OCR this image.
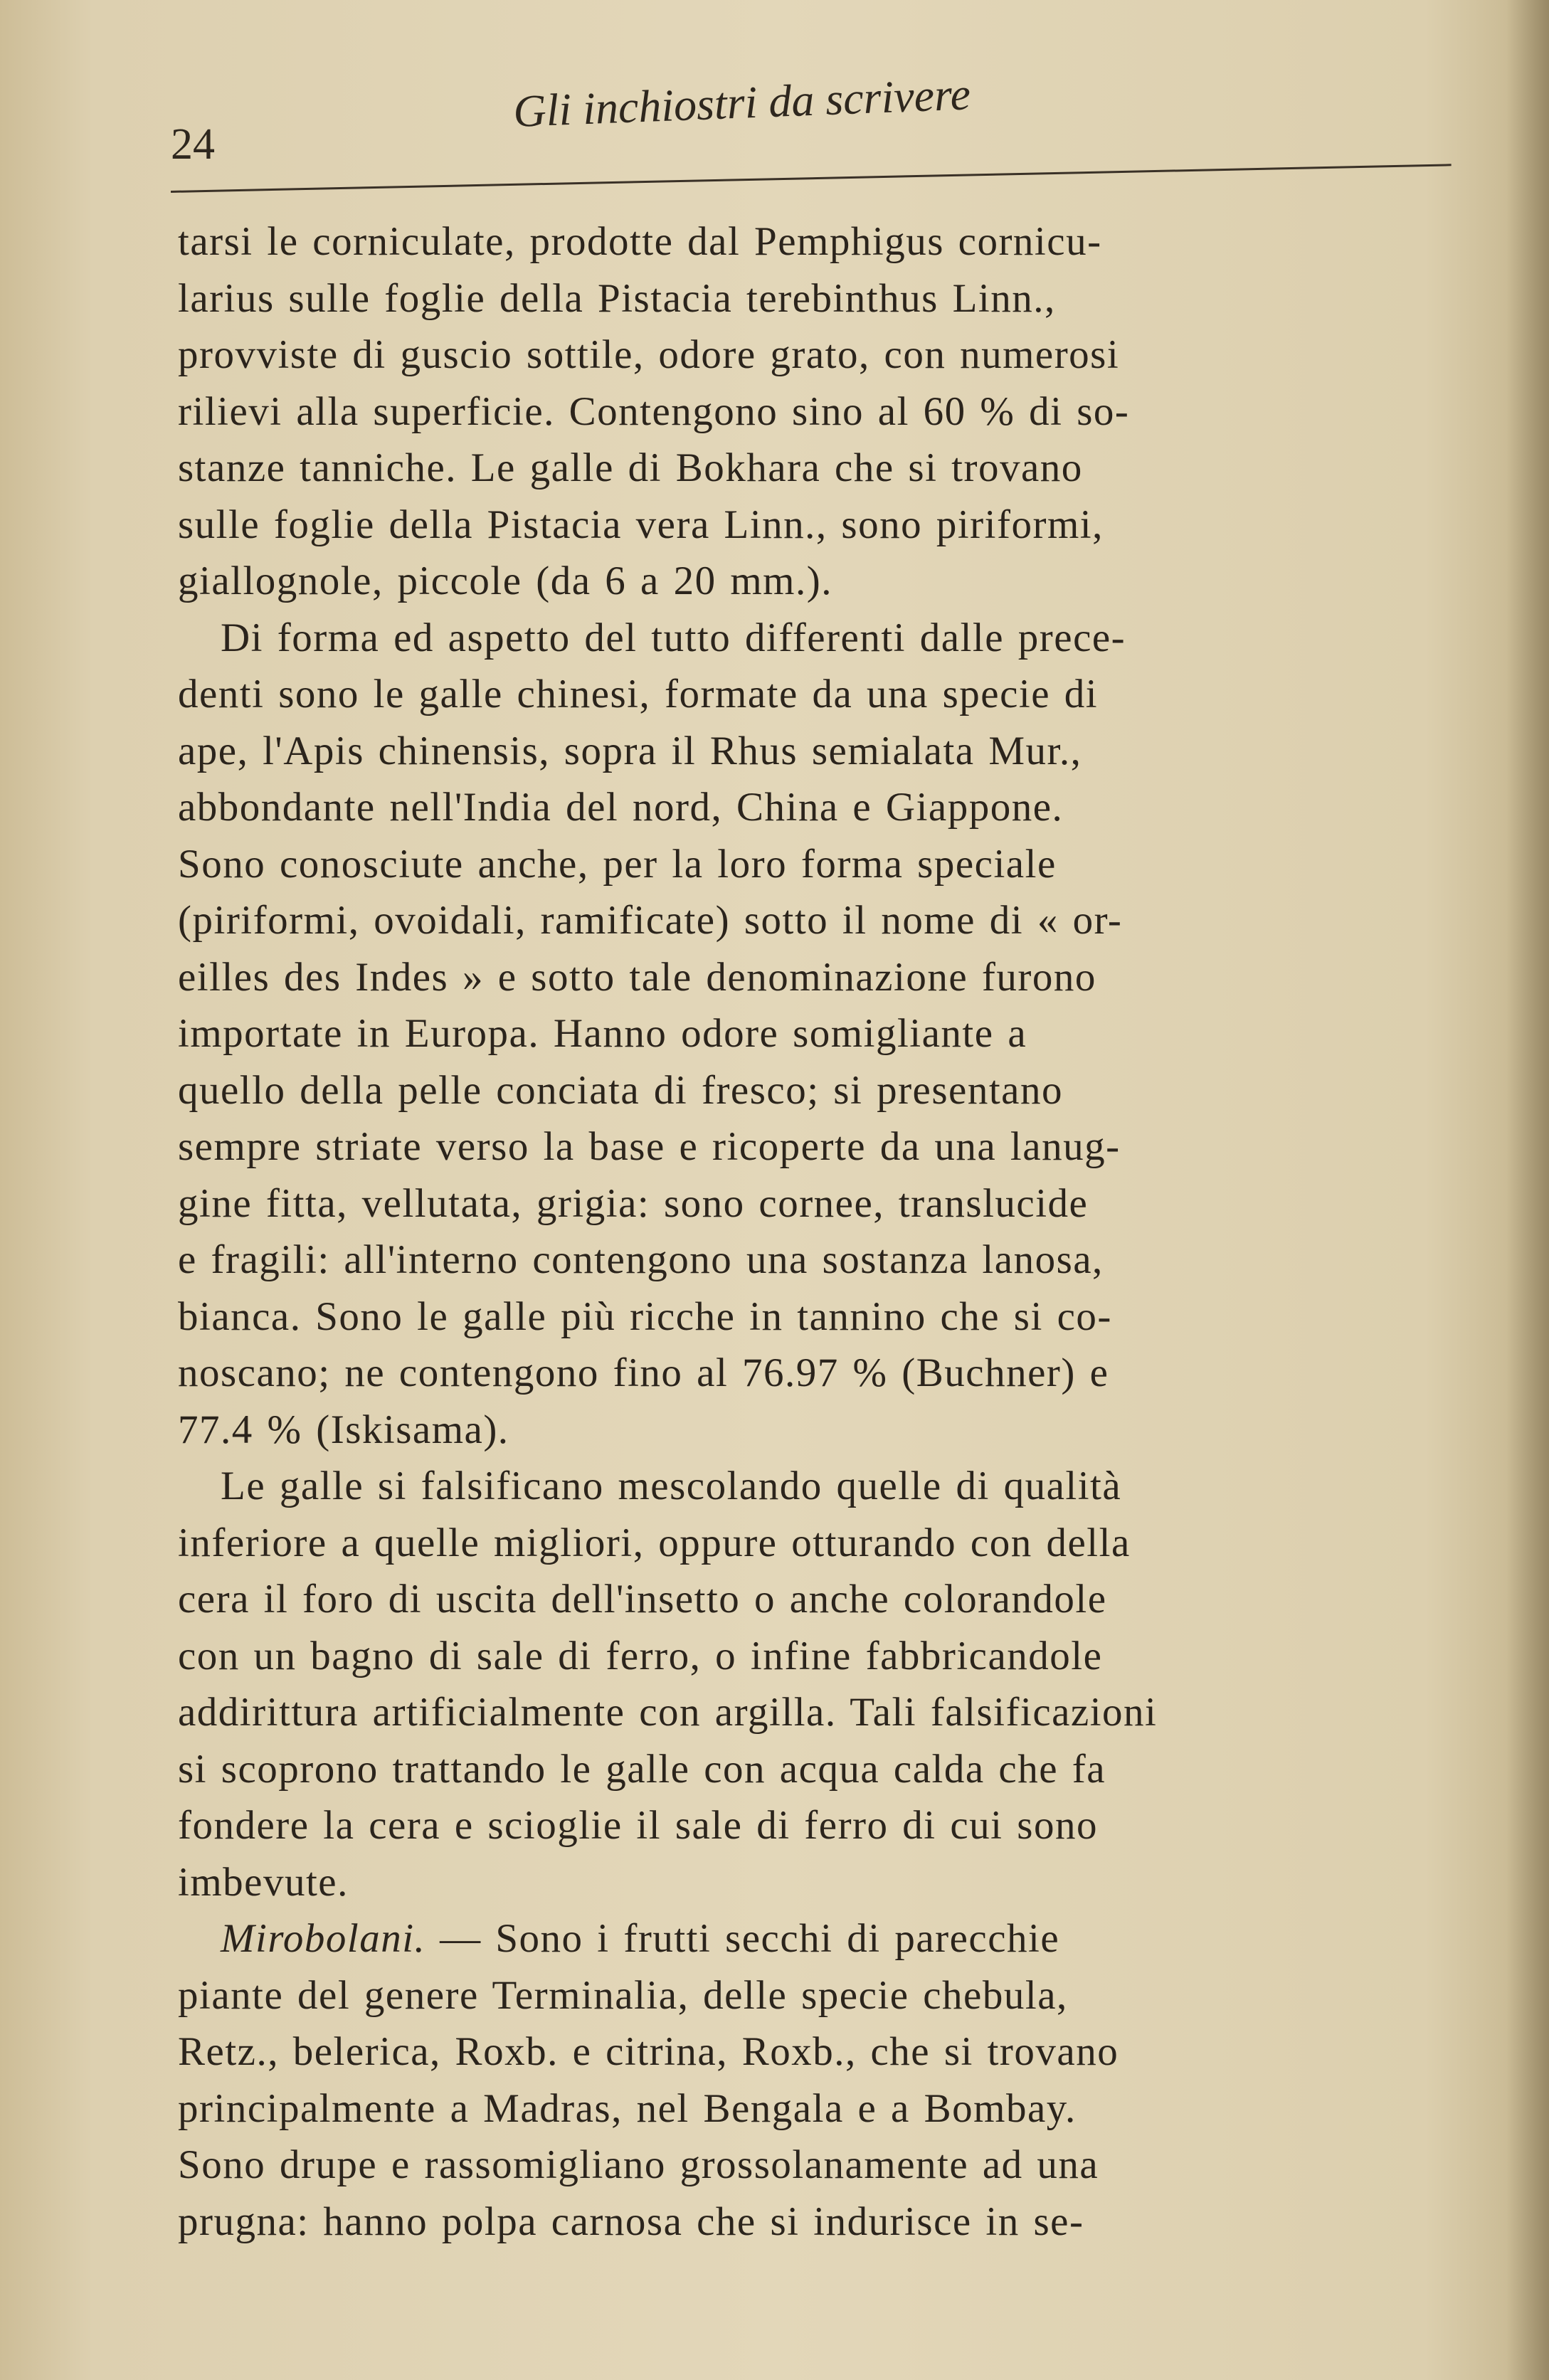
24
Gli inchiostri da scrivere
tarsi le corniculate, prodotte dal Pemphigus cornicu-
larius sulle foglie della Pistacia terebinthus Linn.,
provviste di guscio sottile, odore grato, con numerosi
rilievi alla superficie. Contengono sino al 60 % di so-
stanze tanniche. Le galle di Bokhara che si trovano
sulle foglie della Pistacia vera Linn., sono piriformi,
giallognole, piccole (da 6 a 20 mm.).
Di forma ed aspetto del tutto differenti dalle prece-
denti sono le galle chinesi, formate da una specie di
ape, l'Apis chinensis, sopra il Rhus semialata Mur.,
abbondante nell'India del nord, China e Giappone.
Sono conosciute anche, per la loro forma speciale
(piriformi, ovoidali, ramificate) sotto il nome di « or-
eilles des Indes » e sotto tale denominazione furono
importate in Europa. Hanno odore somigliante a
quello della pelle conciata di fresco; si presentano
sempre striate verso la base e ricoperte da una lanug-
gine fitta, vellutata, grigia: sono cornee, translucide
e fragili: all'interno contengono una sostanza lanosa,
bianca. Sono le galle più ricche in tannino che si co-
noscano; ne contengono fino al 76.97 % (Buchner) e
77.4 % (Iskisama).
Le galle si falsificano mescolando quelle di qualità
inferiore a quelle migliori, oppure otturando con della
cera il foro di uscita dell'insetto o anche colorandole
con un bagno di sale di ferro, o infine fabbricandole
addirittura artificialmente con argilla. Tali falsificazioni
si scoprono trattando le galle con acqua calda che fa
fondere la cera e scioglie il sale di ferro di cui sono
imbevute.
Mirobolani. — Sono i frutti secchi di parecchie
piante del genere Terminalia, delle specie chebula,
Retz., belerica, Roxb. e citrina, Roxb., che si trovano
principalmente a Madras, nel Bengala e a Bombay.
Sono drupe e rassomigliano grossolanamente ad una
prugna: hanno polpa carnosa che si indurisce in se-
